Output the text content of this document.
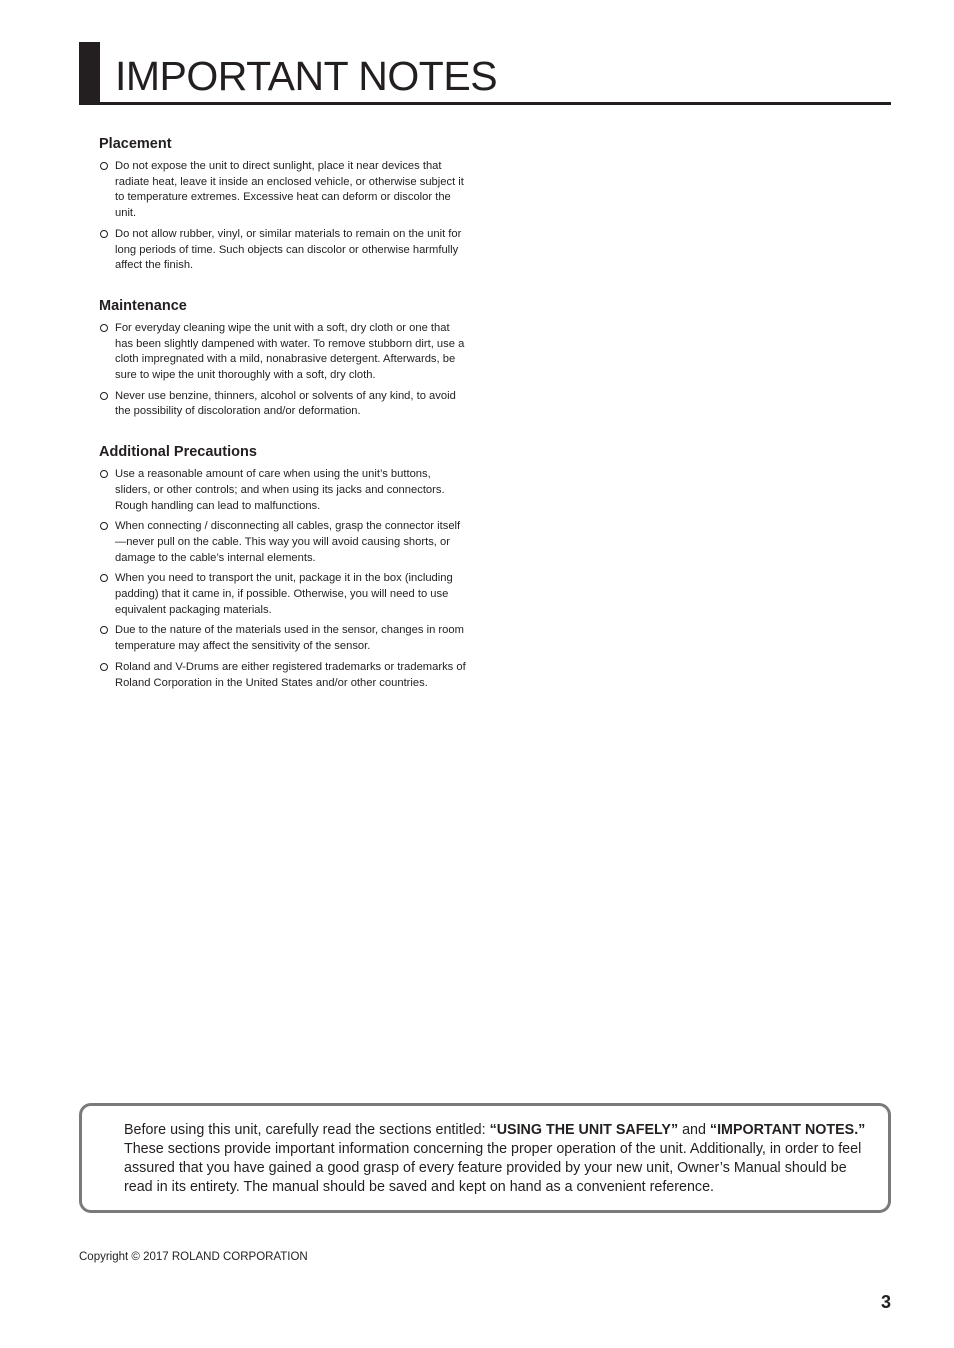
IMPORTANT NOTES
Placement
Do not expose the unit to direct sunlight, place it near devices that radiate heat, leave it inside an enclosed vehicle, or otherwise subject it to temperature extremes. Excessive heat can deform or discolor the unit.
Do not allow rubber, vinyl, or similar materials to remain on the unit for long periods of time. Such objects can discolor or otherwise harmfully affect the finish.
Maintenance
For everyday cleaning wipe the unit with a soft, dry cloth or one that has been slightly dampened with water. To remove stubborn dirt, use a cloth impregnated with a mild, nonabrasive detergent. Afterwards, be sure to wipe the unit thoroughly with a soft, dry cloth.
Never use benzine, thinners, alcohol or solvents of any kind, to avoid the possibility of discoloration and/or deformation.
Additional Precautions
Use a reasonable amount of care when using the unit’s buttons, sliders, or other controls; and when using its jacks and connectors. Rough handling can lead to malfunctions.
When connecting / disconnecting all cables, grasp the connector itself—never pull on the cable. This way you will avoid causing shorts, or damage to the cable’s internal elements.
When you need to transport the unit, package it in the box (including padding) that it came in, if possible. Otherwise, you will need to use equivalent packaging materials.
Due to the nature of the materials used in the sensor, changes in room temperature may affect the sensitivity of the sensor.
Roland and V-Drums are either registered trademarks or trademarks of Roland Corporation in the United States and/or other countries.

Before using this unit, carefully read the sections entitled: “USING THE UNIT SAFELY” and “IMPORTANT NOTES.” These sections provide important information concerning the proper operation of the unit. Additionally, in order to feel assured that you have gained a good grasp of every feature provided by your new unit, Owner’s Manual should be read in its entirety. The manual should be saved and kept on hand as a convenient reference.

Copyright © 2017 ROLAND CORPORATION
3
